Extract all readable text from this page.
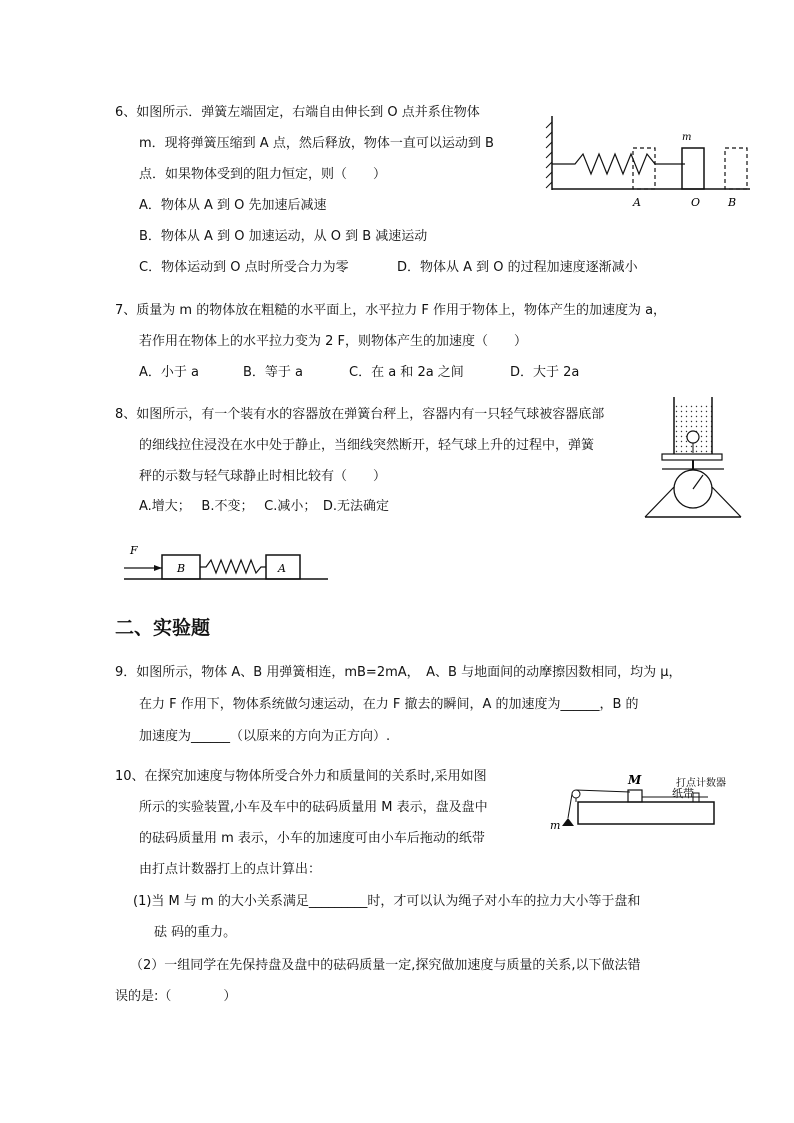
6、如图所示．弹簧左端固定，右端自由伸长到 O 点并系住物体
m．现将弹簧压缩到 A 点，然后释放，物体一直可以运动到 B
点．如果物体受到的阻力恒定，则（　　）
A．物体从 A 到 O 先加速后减速
B．物体从 A 到 O 加速运动，从 O 到 B 减速运动
C．物体运动到 O 点时所受合力为零	D．物体从 A 到 O 的过程加速度逐渐减小
m
A	O	B
7、质量为 m 的物体放在粗糙的水平面上，水平拉力 F 作用于物体上，物体产生的加速度为 a，
若作用在物体上的水平拉力变为 2 F，则物体产生的加速度（　　）
A．小于 a	B．等于 a	C．在 a 和 2a 之间	D．大于 2a
8、如图所示，有一个装有水的容器放在弹簧台秤上，容器内有一只轻气球被容器底部
的细线拉住浸没在水中处于静止，当细线突然断开，轻气球上升的过程中，弹簧
秤的示数与轻气球静止时相比较有（　　）
A.增大；　 B.不变；　 C.减小；　D.无法确定
F
B	A
二、实验题
9．如图所示，物体 A、B 用弹簧相连，mB=2mA，　A、B 与地面间的动摩擦因数相同，均为 μ，
在力 F 作用下，物体系统做匀速运动，在力 F 撤去的瞬间，A 的加速度为______，B 的
加速度为______（以原来的方向为正方向）.
10、在探究加速度与物体所受合外力和质量间的关系时,采用如图
所示的实验装置,小车及车中的砝码质量用 M 表示，盘及盘中
的砝码质量用 m 表示，小车的加速度可由小车后拖动的纸带
由打点计数器打上的点计算出：
(1)当 M 与 m 的大小关系满足_________时，才可以认为绳子对小车的拉力大小等于盘和
砝 码的重力。
（2）一组同学在先保持盘及盘中的砝码质量一定,探究做加速度与质量的关系,以下做法错
误的是:（　　　　）
M
纸带
打点计数器
m
